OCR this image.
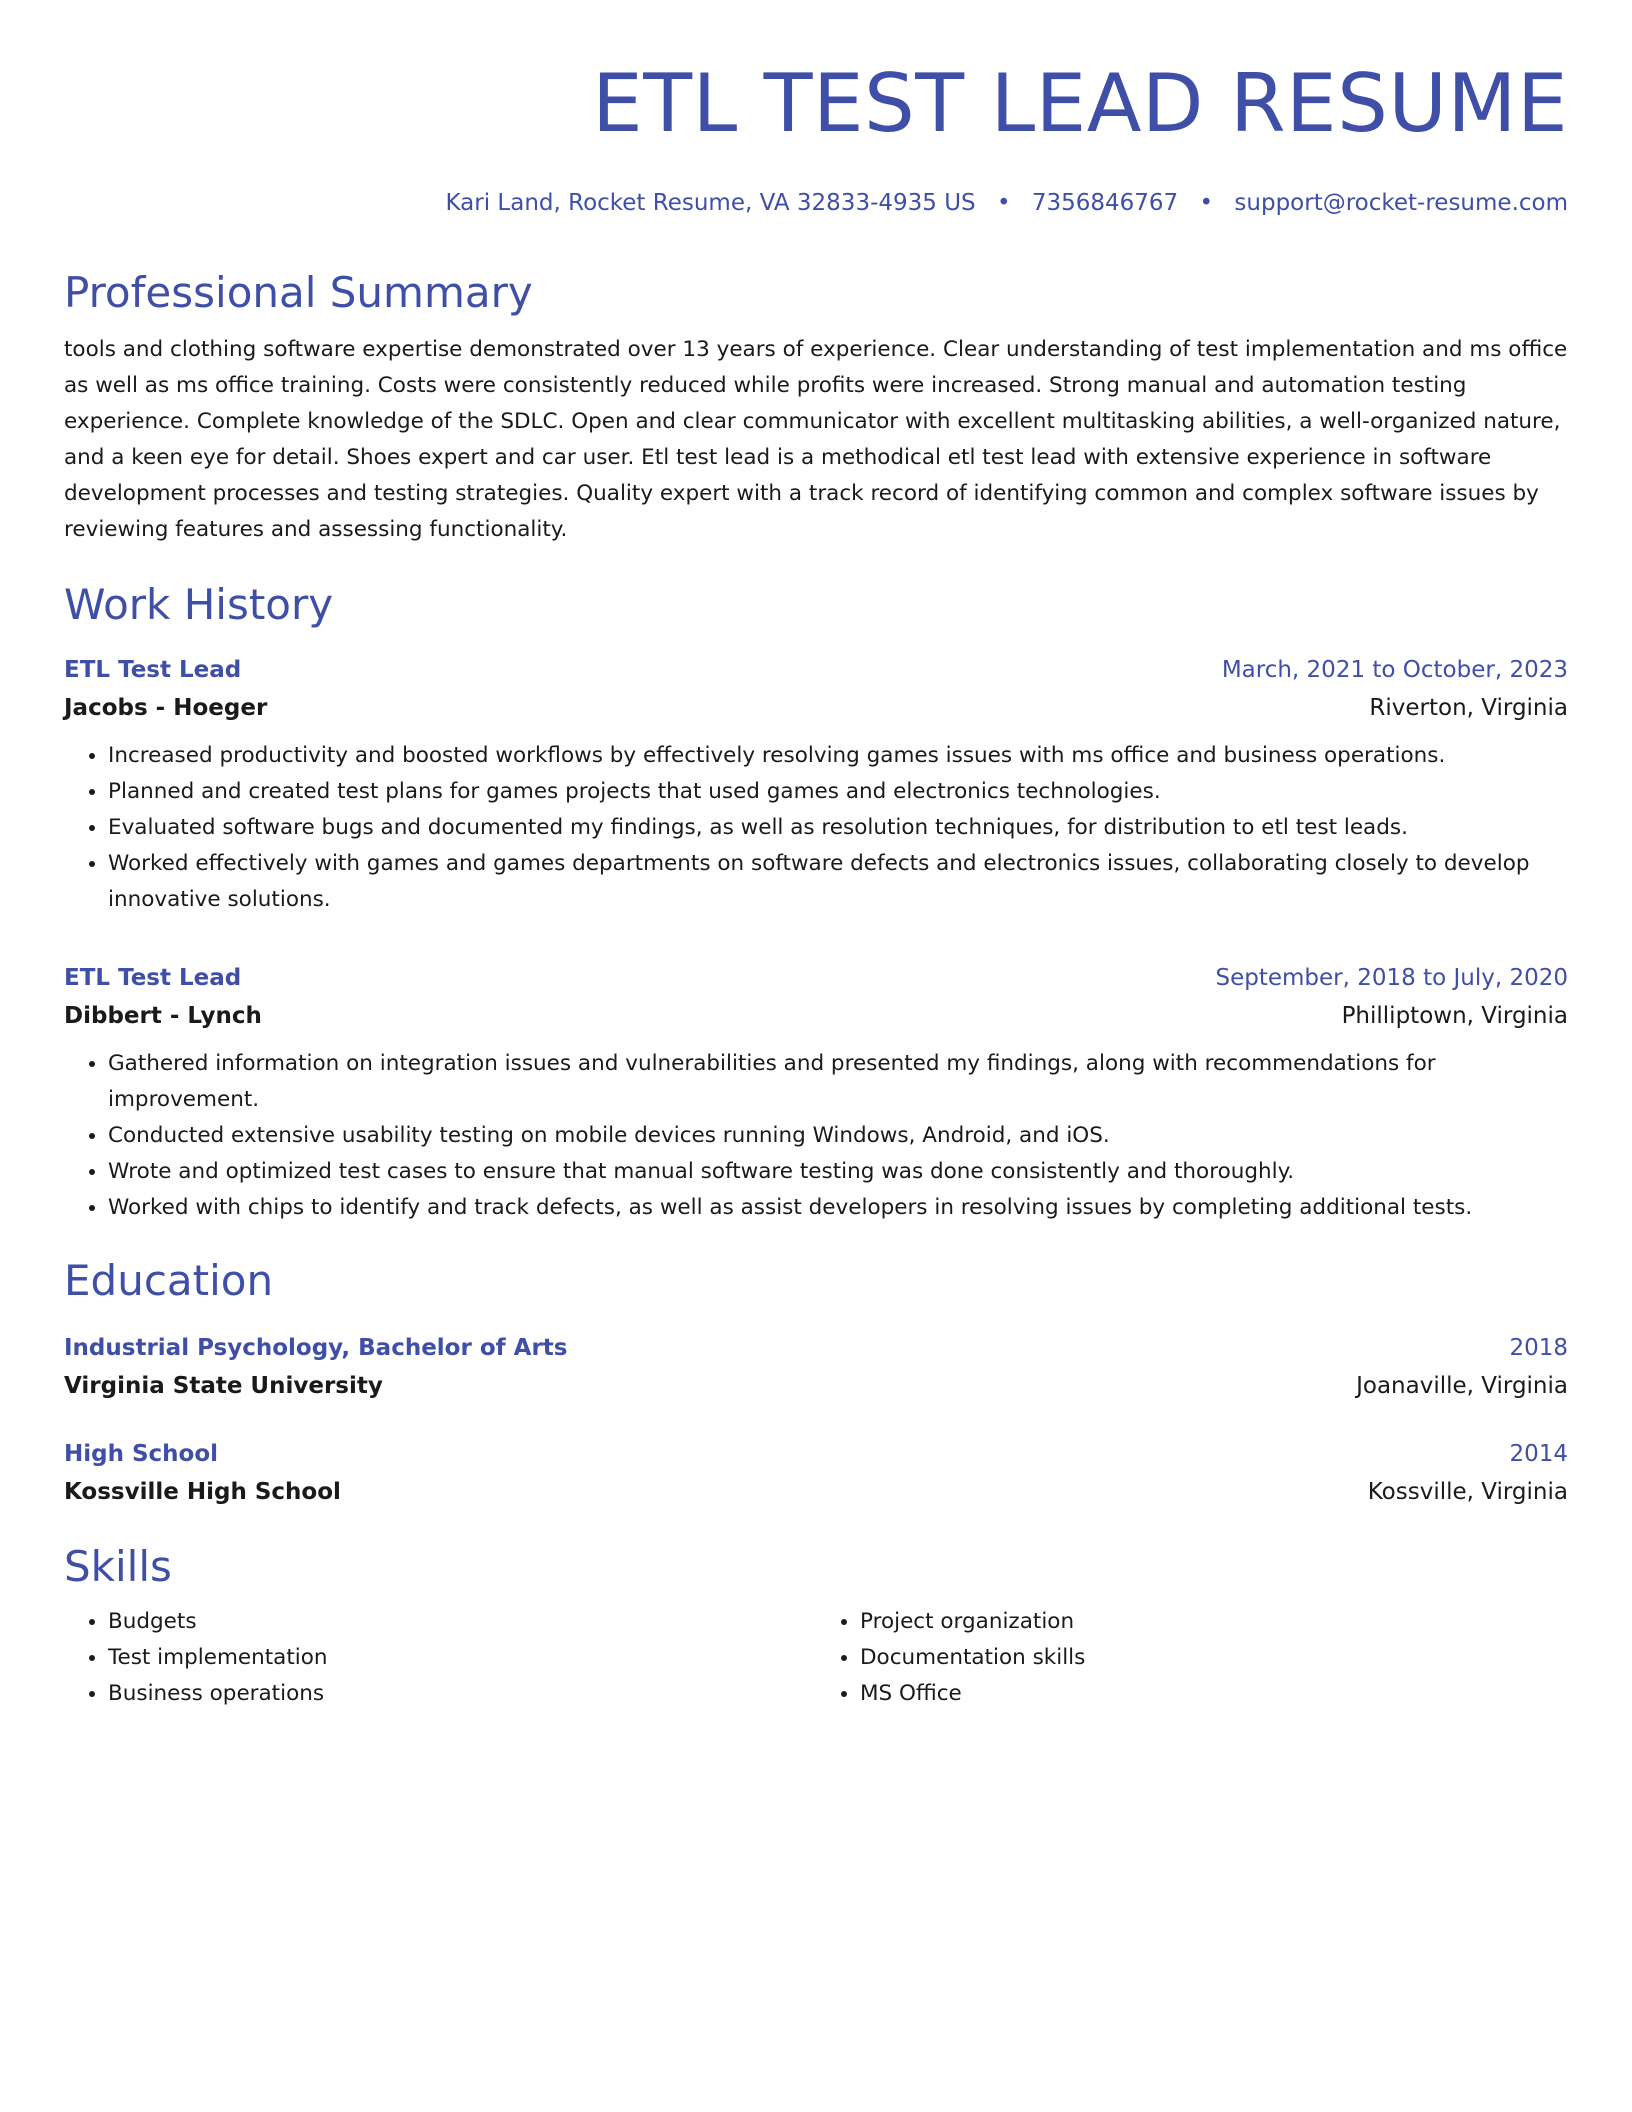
ETL TEST LEAD RESUME
Kari Land, Rocket Resume, VA 32833-4935 US • 7356846767 • support@rocket-resume.com
Professional Summary

tools and clothing software expertise demonstrated over 13 years of experience. Clear understanding of test implementation and ms office as well as ms office training. Costs were consistently reduced while profits were increased. Strong manual and automation testing experience. Complete knowledge of the SDLC. Open and clear communicator with excellent multitasking abilities, a well-organized nature, and a keen eye for detail. Shoes expert and car user. Etl test lead is a methodical etl test lead with extensive experience in software development processes and testing strategies. Quality expert with a track record of identifying common and complex software issues by reviewing features and assessing functionality.

Work History
ETL Test Lead	March, 2021 to October, 2023
Jacobs - Hoeger	Riverton, Virginia
• Increased productivity and boosted workflows by effectively resolving games issues with ms office and business operations.
• Planned and created test plans for games projects that used games and electronics technologies.
• Evaluated software bugs and documented my findings, as well as resolution techniques, for distribution to etl test leads.
• Worked effectively with games and games departments on software defects and electronics issues, collaborating closely to develop innovative solutions.
ETL Test Lead	September, 2018 to July, 2020
Dibbert - Lynch	Philliptown, Virginia
• Gathered information on integration issues and vulnerabilities and presented my findings, along with recommendations for improvement.
• Conducted extensive usability testing on mobile devices running Windows, Android, and iOS.
• Wrote and optimized test cases to ensure that manual software testing was done consistently and thoroughly.
• Worked with chips to identify and track defects, as well as assist developers in resolving issues by completing additional tests.
Education
Industrial Psychology, Bachelor of Arts	2018
Virginia State University	Joanaville, Virginia
High School	2014
Kossville High School	Kossville, Virginia
Skills
• Budgets
• Test implementation
• Business operations
• Project organization
• Documentation skills
• MS Office
